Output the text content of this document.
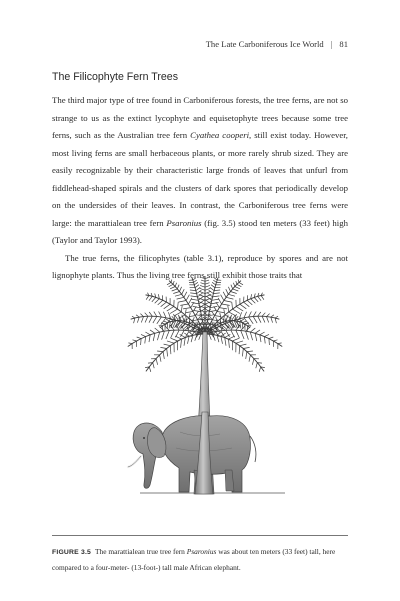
The Late Carboniferous Ice World | 81
The Filicophyte Fern Trees

The third major type of tree found in Carboniferous forests, the tree ferns, are not so strange to us as the extinct lycophyte and equisetophyte trees because some tree ferns, such as the Australian tree fern Cyathea cooperi, still exist today. However, most living ferns are small herbaceous plants, or more rarely shrub sized. They are easily recognizable by their characteristic large fronds of leaves that unfurl from fiddlehead-shaped spirals and the clusters of dark spores that periodically develop on the undersides of their leaves. In contrast, the Carboniferous tree ferns were large: the marattialean tree fern Psaronius (fig. 3.5) stood ten meters (33 feet) high (Taylor and Taylor 1993).

The true ferns, the filicophytes (table 3.1), reproduce by spores and are not lignophyte plants. Thus the living tree ferns still exhibit those traits that

FIGURE 3.5 The marattialean true tree fern Psaronius was about ten meters (33 feet) tall, here compared to a four-meter- (13-foot-) tall male African elephant.
